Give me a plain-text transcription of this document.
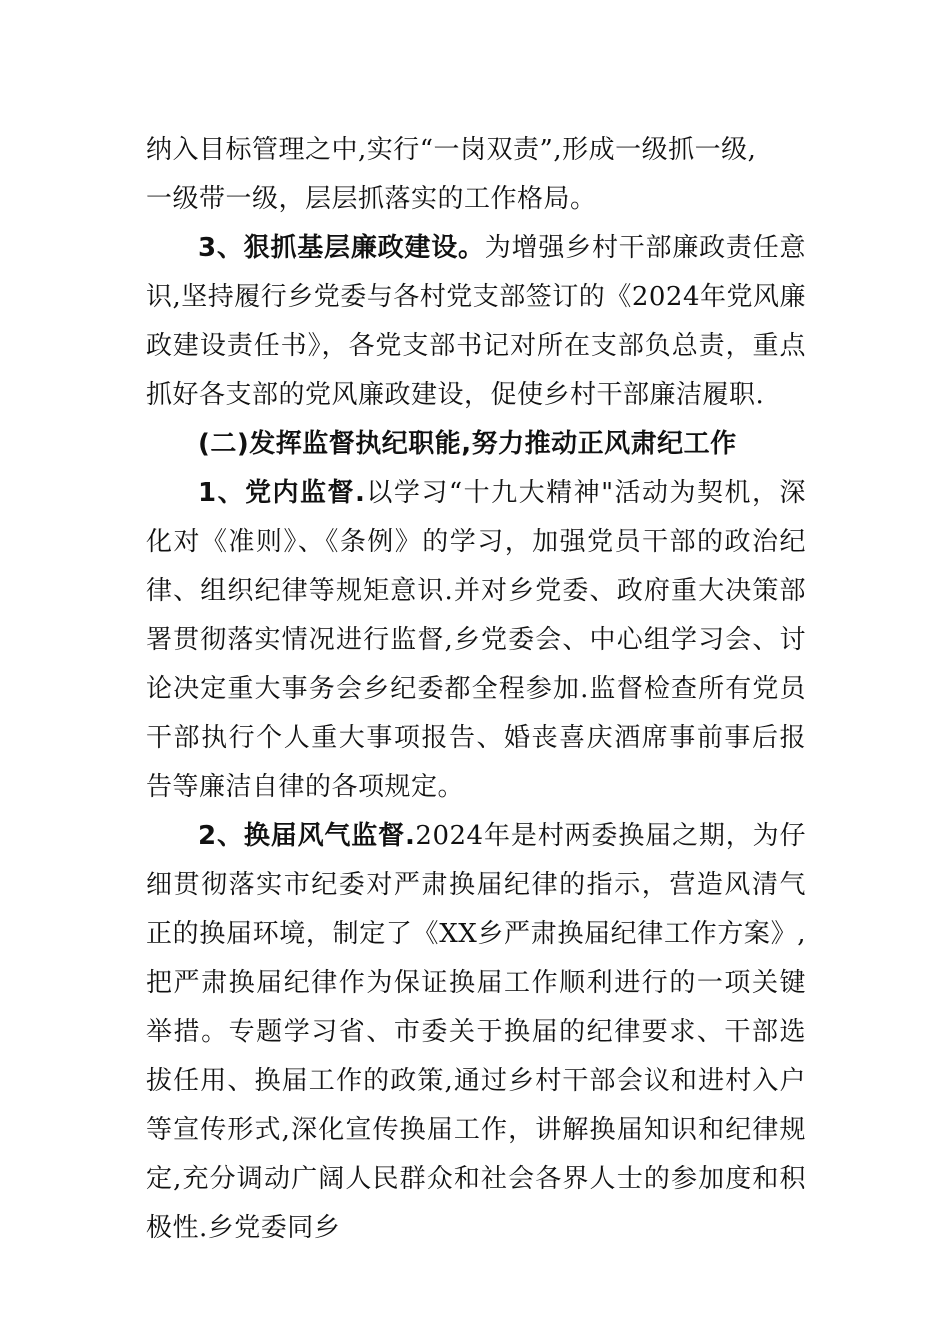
纳入目标管理之中,实行“一岗双责”,形成一级抓一级,
一级带一级，层层抓落实的工作格局。

3、狠抓基层廉政建设。为增强乡村干部廉政责任意识,坚持履行乡党委与各村党支部签订的《2024年党风廉政建设责任书》，各党支部书记对所在支部负总责，重点抓好各支部的党风廉政建设，促使乡村干部廉洁履职.

(二)发挥监督执纪职能,努力推动正风肃纪工作

1、党内监督.以学习“十九大精神"活动为契机，深化对《准则》、《条例》的学习，加强党员干部的政治纪律、组织纪律等规矩意识.并对乡党委、政府重大决策部署贯彻落实情况进行监督,乡党委会、中心组学习会、讨论决定重大事务会乡纪委都全程参加.监督检查所有党员干部执行个人重大事项报告、婚丧喜庆酒席事前事后报告等廉洁自律的各项规定。

2、换届风气监督.2024年是村两委换届之期，为仔细贯彻落实市纪委对严肃换届纪律的指示，营造风清气正的换届环境，制定了《XX乡严肃换届纪律工作方案》,把严肃换届纪律作为保证换届工作顺利进行的一项关键举措。专题学习省、市委关于换届的纪律要求、干部选拔任用、换届工作的政策,通过乡村干部会议和进村入户等宣传形式,深化宣传换届工作，讲解换届知识和纪律规定,充分调动广阔人民群众和社会各界人士的参加度和积极性.乡党委同乡
